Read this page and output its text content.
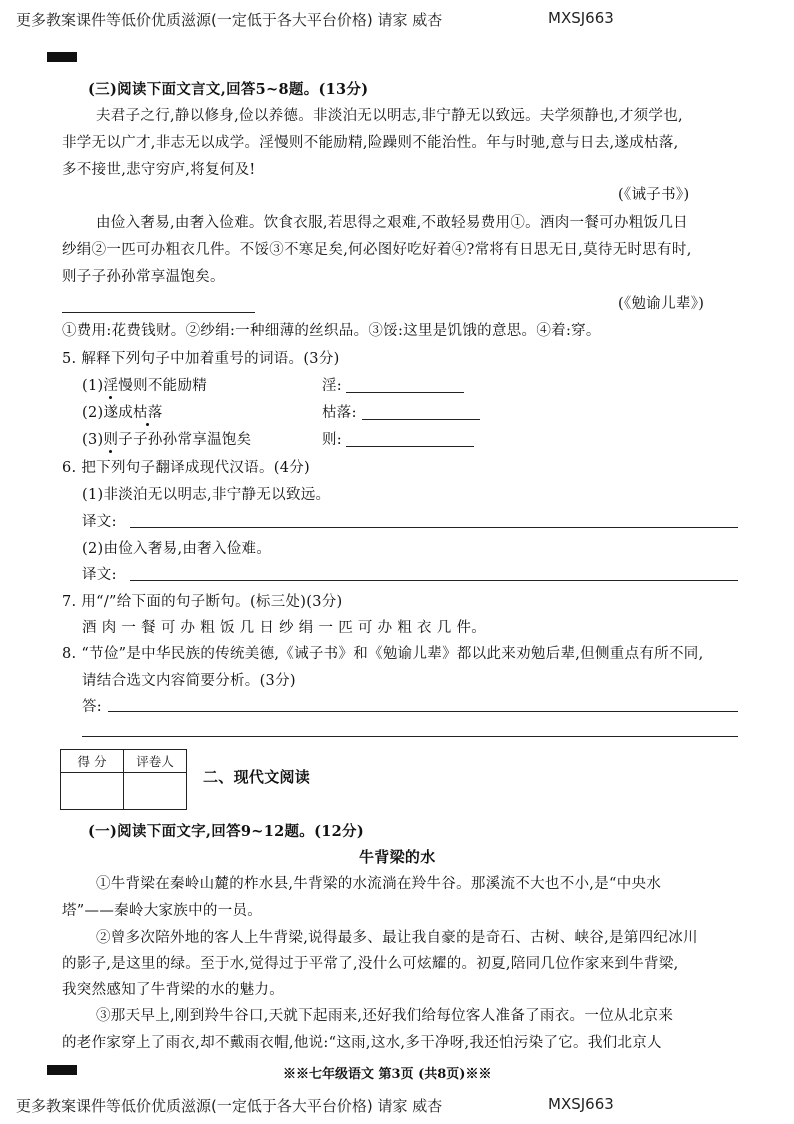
更多教案课件等低价优质滋源(一定低于各大平台价格) 请家 威杏	MXSJ663
(三)阅读下面文言文,回答5~8题。(13分)
夫君子之行,静以修身,俭以养德。非淡泊无以明志,非宁静无以致远。夫学须静也,才须学也,
非学无以广才,非志无以成学。淫慢则不能励精,险躁则不能治性。年与时驰,意与日去,遂成枯落,
多不接世,悲守穷庐,将复何及!
(《诫子书》)
由俭入奢易,由奢入俭难。饮食衣服,若思得之艰难,不敢轻易费用①。酒肉一餐可办粗饭几日
纱绢②一匹可办粗衣几件。不馁③不寒足矣,何必图好吃好着④?常将有日思无日,莫待无时思有时,
则子子孙孙常享温饱矣。
(《勉谕儿辈》)
①费用:花费钱财。②纱绢:一种细薄的丝织品。③馁:这里是饥饿的意思。④着:穿。
5. 解释下列句子中加着重号的词语。(3分)
(1)淫慢则不能励精	淫:
(2)遂成枯落	枯落:
(3)则子子孙孙常享温饱矣	则:
6. 把下列句子翻译成现代汉语。(4分)
(1)非淡泊无以明志,非宁静无以致远。
译文:
(2)由俭入奢易,由奢入俭难。
译文:
7. 用“/”给下面的句子断句。(标三处)(3分)
酒 肉 一 餐 可 办 粗 饭 几 日 纱 绢 一 匹 可 办 粗 衣 几 件。
8. “节俭”是中华民族的传统美德,《诫子书》和《勉谕儿辈》都以此来劝勉后辈,但侧重点有所不同,
请结合选文内容简要分析。(3分)
答:
得 分	评卷人

二、现代文阅读
(一)阅读下面文字,回答9~12题。(12分)
牛背梁的水
①牛背梁在秦岭山麓的柞水县,牛背梁的水流淌在羚牛谷。那溪流不大也不小,是“中央水
塔”——秦岭大家族中的一员。
②曾多次陪外地的客人上牛背梁,说得最多、最让我自豪的是奇石、古树、峡谷,是第四纪冰川
的影子,是这里的绿。至于水,觉得过于平常了,没什么可炫耀的。初夏,陪同几位作家来到牛背梁,
我突然感知了牛背梁的水的魅力。
③那天早上,刚到羚牛谷口,天就下起雨来,还好我们给每位客人准备了雨衣。一位从北京来
的老作家穿上了雨衣,却不戴雨衣帽,他说:“这雨,这水,多干净呀,我还怕污染了它。我们北京人
※※七年级语文 第3页 (共8页)※※
更多教案课件等低价优质滋源(一定低于各大平台价格) 请家 威杏	MXSJ663
